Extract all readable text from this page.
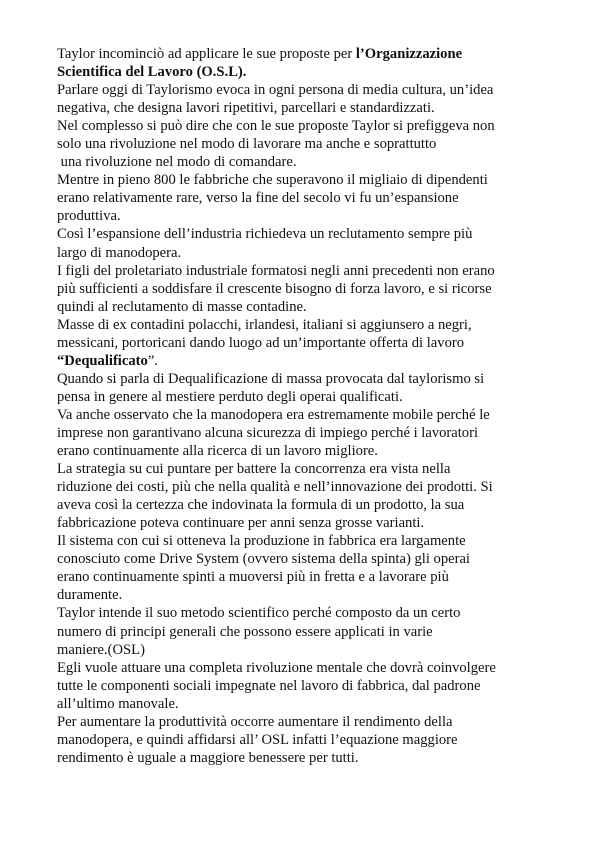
Taylor incominciò ad applicare le sue proposte per l’Organizzazione
Scientifica del Lavoro (O.S.L).
Parlare oggi di Taylorismo evoca in ogni persona di media cultura, un’idea
negativa, che designa lavori ripetitivi, parcellari e standardizzati.
Nel complesso si può dire che con le sue proposte Taylor si prefiggeva non
solo una rivoluzione nel modo di lavorare ma anche e soprattutto
una rivoluzione nel modo di comandare.
Mentre in pieno 800 le fabbriche che superavono il migliaio di dipendenti
erano relativamente rare, verso la fine del secolo vi fu un’espansione
produttiva.
Così l’espansione dell’industria richiedeva un reclutamento sempre più
largo di manodopera.
I figli del proletariato industriale formatosi negli anni precedenti non erano
più sufficienti a soddisfare il crescente bisogno di forza lavoro, e si ricorse
quindi al reclutamento di masse contadine.
Masse di ex contadini polacchi, irlandesi, italiani si aggiunsero a negri,
messicani, portoricani dando luogo ad un’importante offerta di lavoro
“Dequalificato”.
Quando si parla di Dequalificazione di massa provocata dal taylorismo si
pensa in genere al mestiere perduto degli operai qualificati.
Va anche osservato che la manodopera era estremamente mobile perché le
imprese non garantivano alcuna sicurezza di impiego perché i lavoratori
erano continuamente alla ricerca di un lavoro migliore.
La strategia su cui puntare per battere la concorrenza era vista nella
riduzione dei costi, più che nella qualità e nell’innovazione dei prodotti. Si
aveva così la certezza che indovinata la formula di un prodotto, la sua
fabbricazione poteva continuare per anni senza grosse varianti.
Il sistema con cui si otteneva la produzione in fabbrica era largamente
conosciuto come Drive System (ovvero sistema della spinta) gli operai
erano continuamente spinti a muoversi più in fretta e a lavorare più
duramente.
Taylor intende il suo metodo scientifico perché composto da un certo
numero di principi generali che possono essere applicati in varie
maniere.(OSL)
Egli vuole attuare una completa rivoluzione mentale che dovrà coinvolgere
tutte le componenti sociali impegnate nel lavoro di fabbrica, dal padrone
all’ultimo manovale.
Per aumentare la produttività occorre aumentare il rendimento della
manodopera, e quindi affidarsi all’ OSL infatti l’equazione maggiore
rendimento è uguale a maggiore benessere per tutti.
